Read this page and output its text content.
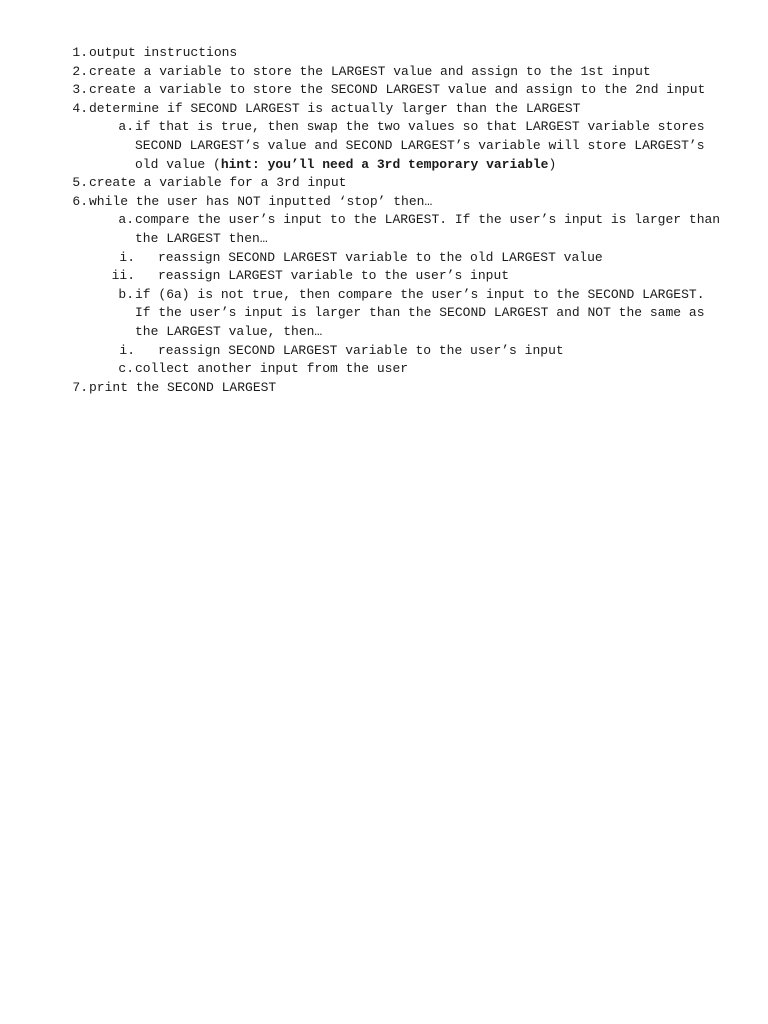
1. output instructions
2. create a variable to store the LARGEST value and assign to the 1st input
3. create a variable to store the SECOND LARGEST value and assign to the 2nd input
4. determine if SECOND LARGEST is actually larger than the LARGEST
a. if that is true, then swap the two values so that LARGEST variable stores SECOND LARGEST’s value and SECOND LARGEST’s variable will store LARGEST’s old value (hint: you’ll need a 3rd temporary variable)
5. create a variable for a 3rd input
6. while the user has NOT inputted ‘stop’ then…
a. compare the user’s input to the LARGEST. If the user’s input is larger than the LARGEST then…
i.	reassign SECOND LARGEST variable to the old LARGEST value
ii.	reassign LARGEST variable to the user’s input
b. if (6a) is not true, then compare the user’s input to the SECOND LARGEST. If the user’s input is larger than the SECOND LARGEST and NOT the same as the LARGEST value, then…
i.	reassign SECOND LARGEST variable to the user’s input
c. collect another input from the user
7. print the SECOND LARGEST
